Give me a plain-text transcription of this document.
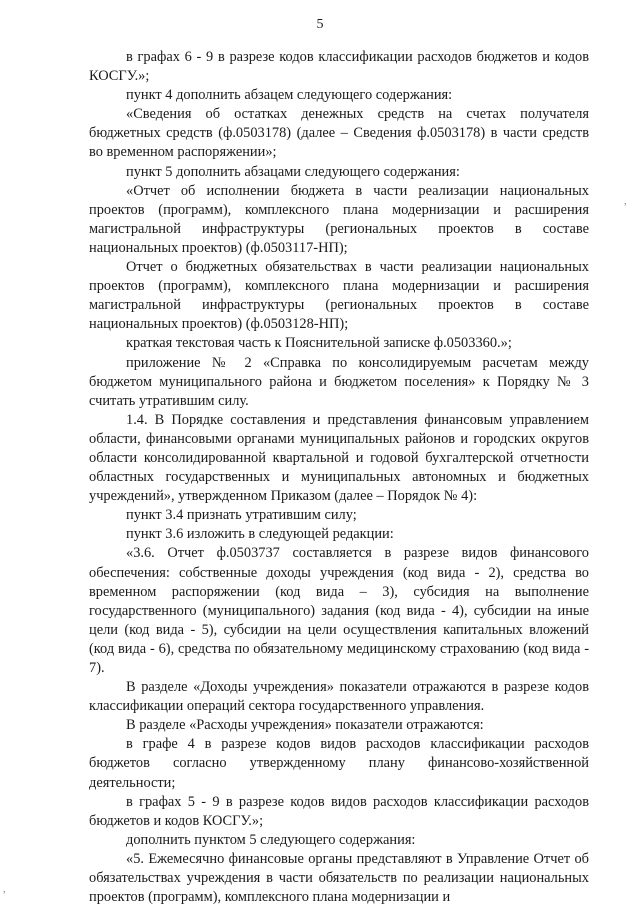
5

в графах 6 - 9 в разрезе кодов классификации расходов бюджетов и кодов КОСГУ.»;

пункт 4 дополнить абзацем следующего содержания:

«Сведения об остатках денежных средств на счетах получателя бюджетных средств (ф.0503178) (далее – Сведения ф.0503178) в части средств во временном распоряжении»;

пункт 5 дополнить абзацами следующего содержания:

«Отчет об исполнении бюджета в части реализации национальных проектов (программ), комплексного плана модернизации и расширения магистральной инфраструктуры (региональных проектов в составе национальных проектов) (ф.0503117-НП);

Отчет о бюджетных обязательствах в части реализации национальных проектов (программ), комплексного плана модернизации и расширения магистральной инфраструктуры (региональных проектов в составе национальных проектов) (ф.0503128-НП);

краткая текстовая часть к Пояснительной записке ф.0503360.»;

приложение № 2 «Справка по консолидируемым расчетам между бюджетом муниципального района и бюджетом поселения» к Порядку № 3 считать утратившим силу.

1.4. В Порядке составления и представления финансовым управлением области, финансовыми органами муниципальных районов и городских округов области консолидированной квартальной и годовой бухгалтерской отчетности областных государственных и муниципальных автономных и бюджетных учреждений», утвержденном Приказом (далее – Порядок № 4):

пункт 3.4 признать утратившим силу;

пункт 3.6 изложить в следующей редакции:

«3.6. Отчет ф.0503737 составляется в разрезе видов финансового обеспечения: собственные доходы учреждения (код вида - 2), средства во временном распоряжении (код вида – 3), субсидия на выполнение государственного (муниципального) задания (код вида - 4), субсидии на иные цели (код вида - 5), субсидии на цели осуществления капитальных вложений (код вида - 6), средства по обязательному медицинскому страхованию (код вида - 7).

В разделе «Доходы учреждения» показатели отражаются в разрезе кодов классификации операций сектора государственного управления.

В разделе «Расходы учреждения» показатели отражаются:

в графе 4 в разрезе кодов видов расходов классификации расходов бюджетов согласно утвержденному плану финансово-хозяйственной деятельности;

в графах 5 - 9 в разрезе кодов видов расходов классификации расходов бюджетов и кодов КОСГУ.»;

дополнить пунктом 5 следующего содержания:

«5. Ежемесячно финансовые органы представляют в Управление Отчет об обязательствах учреждения в части обязательств по реализации национальных проектов (программ), комплексного плана модернизации и

,
,
